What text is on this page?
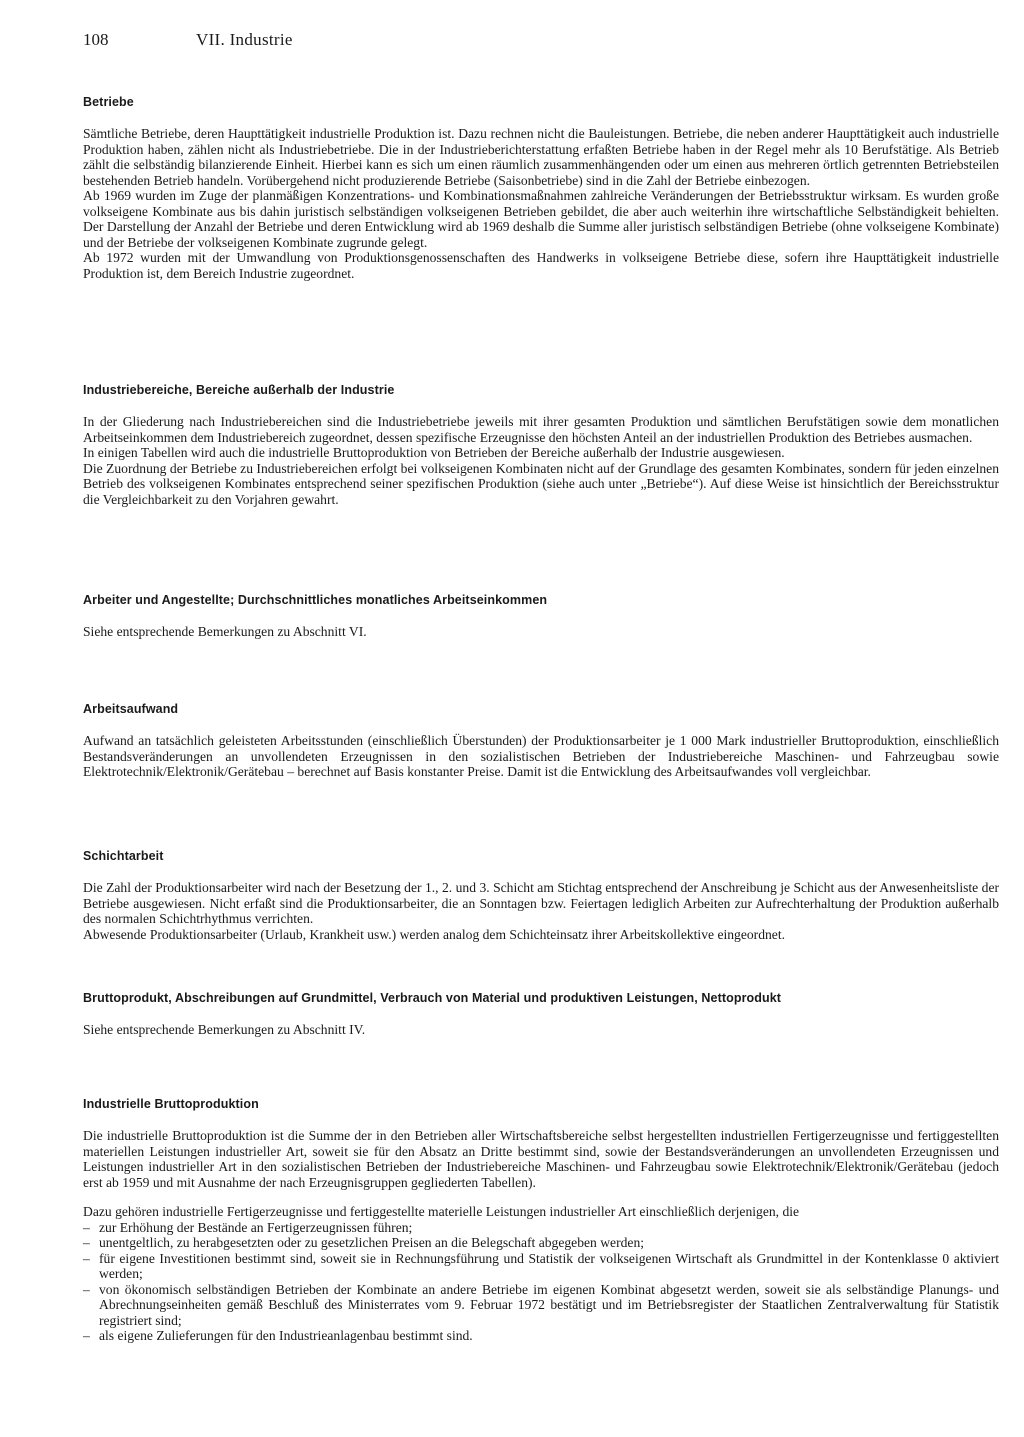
108	VII. Industrie
Betriebe

Sämtliche Betriebe, deren Haupttätigkeit industrielle Produktion ist. Dazu rechnen nicht die Bauleistungen. Betriebe, die neben anderer Haupttätigkeit auch industrielle Produktion haben, zählen nicht als Industriebetriebe. Die in der Industrieberichterstattung erfaßten Betriebe haben in der Regel mehr als 10 Berufstätige. Als Betrieb zählt die selbständig bilanzierende Einheit. Hierbei kann es sich um einen räumlich zusammenhängenden oder um einen aus mehreren örtlich getrennten Betriebsteilen bestehenden Betrieb handeln. Vorübergehend nicht produzierende Betriebe (Saisonbetriebe) sind in die Zahl der Betriebe einbezogen.

Ab 1969 wurden im Zuge der planmäßigen Konzentrations- und Kombinationsmaßnahmen zahlreiche Veränderungen der Betriebsstruktur wirksam. Es wurden große volkseigene Kombinate aus bis dahin juristisch selbständigen volkseigenen Betrieben gebildet, die aber auch weiterhin ihre wirtschaftliche Selbständigkeit behielten. Der Darstellung der Anzahl der Betriebe und deren Entwicklung wird ab 1969 deshalb die Summe aller juristisch selbständigen Betriebe (ohne volkseigene Kombinate) und der Betriebe der volkseigenen Kombinate zugrunde gelegt.

Ab 1972 wurden mit der Umwandlung von Produktionsgenossenschaften des Handwerks in volkseigene Betriebe diese, sofern ihre Haupttätigkeit industrielle Produktion ist, dem Bereich Industrie zugeordnet.

Industriebereiche, Bereiche außerhalb der Industrie

In der Gliederung nach Industriebereichen sind die Industriebetriebe jeweils mit ihrer gesamten Produktion und sämtlichen Berufstätigen sowie dem monatlichen Arbeitseinkommen dem Industriebereich zugeordnet, dessen spezifische Erzeugnisse den höchsten Anteil an der industriellen Produktion des Betriebes ausmachen.

In einigen Tabellen wird auch die industrielle Bruttoproduktion von Betrieben der Bereiche außerhalb der Industrie ausgewiesen.

Die Zuordnung der Betriebe zu Industriebereichen erfolgt bei volkseigenen Kombinaten nicht auf der Grundlage des gesamten Kombinates, sondern für jeden einzelnen Betrieb des volkseigenen Kombinates entsprechend seiner spezifischen Produktion (siehe auch unter „Betriebe“). Auf diese Weise ist hinsichtlich der Bereichsstruktur die Vergleichbarkeit zu den Vorjahren gewahrt.

Arbeiter und Angestellte; Durchschnittliches monatliches Arbeitseinkommen

Siehe entsprechende Bemerkungen zu Abschnitt VI.

Arbeitsaufwand

Aufwand an tatsächlich geleisteten Arbeitsstunden (einschließlich Überstunden) der Produktionsarbeiter je 1 000 Mark industrieller Bruttoproduktion, einschließlich Bestandsveränderungen an unvollendeten Erzeugnissen in den sozialistischen Betrieben der Industriebereiche Maschinen- und Fahrzeugbau sowie Elektrotechnik/Elektronik/Gerätebau – berechnet auf Basis konstanter Preise. Damit ist die Entwicklung des Arbeitsaufwandes voll vergleichbar.

Schichtarbeit

Die Zahl der Produktionsarbeiter wird nach der Besetzung der 1., 2. und 3. Schicht am Stichtag entsprechend der Anschreibung je Schicht aus der Anwesenheitsliste der Betriebe ausgewiesen. Nicht erfaßt sind die Produktionsarbeiter, die an Sonntagen bzw. Feiertagen lediglich Arbeiten zur Aufrechterhaltung der Produktion außerhalb des normalen Schichtrhythmus verrichten.

Abwesende Produktionsarbeiter (Urlaub, Krankheit usw.) werden analog dem Schichteinsatz ihrer Arbeitskollektive eingeordnet.

Bruttoprodukt, Abschreibungen auf Grundmittel, Verbrauch von Material und produktiven Leistungen, Nettoprodukt

Siehe entsprechende Bemerkungen zu Abschnitt IV.

Industrielle Bruttoproduktion

Die industrielle Bruttoproduktion ist die Summe der in den Betrieben aller Wirtschaftsbereiche selbst hergestellten industriellen Fertigerzeugnisse und fertiggestellten materiellen Leistungen industrieller Art, soweit sie für den Absatz an Dritte bestimmt sind, sowie der Bestandsveränderungen an unvollendeten Erzeugnissen und Leistungen industrieller Art in den sozialistischen Betrieben der Industriebereiche Maschinen- und Fahrzeugbau sowie Elektrotechnik/Elektronik/Gerätebau (jedoch erst ab 1959 und mit Ausnahme der nach Erzeugnisgruppen gegliederten Tabellen).

Dazu gehören industrielle Fertigerzeugnisse und fertiggestellte materielle Leistungen industrieller Art einschließlich derjenigen, die

– zur Erhöhung der Bestände an Fertigerzeugnissen führen;
– unentgeltlich, zu herabgesetzten oder zu gesetzlichen Preisen an die Belegschaft abgegeben werden;
– für eigene Investitionen bestimmt sind, soweit sie in Rechnungsführung und Statistik der volkseigenen Wirtschaft als Grundmittel in der Kontenklasse 0 aktiviert werden;
– von ökonomisch selbständigen Betrieben der Kombinate an andere Betriebe im eigenen Kombinat abgesetzt werden, soweit sie als selbständige Planungs- und Abrechnungseinheiten gemäß Beschluß des Ministerrates vom 9. Februar 1972 bestätigt und im Betriebsregister der Staatlichen Zentralverwaltung für Statistik registriert sind;
– als eigene Zulieferungen für den Industrieanlagenbau bestimmt sind.
